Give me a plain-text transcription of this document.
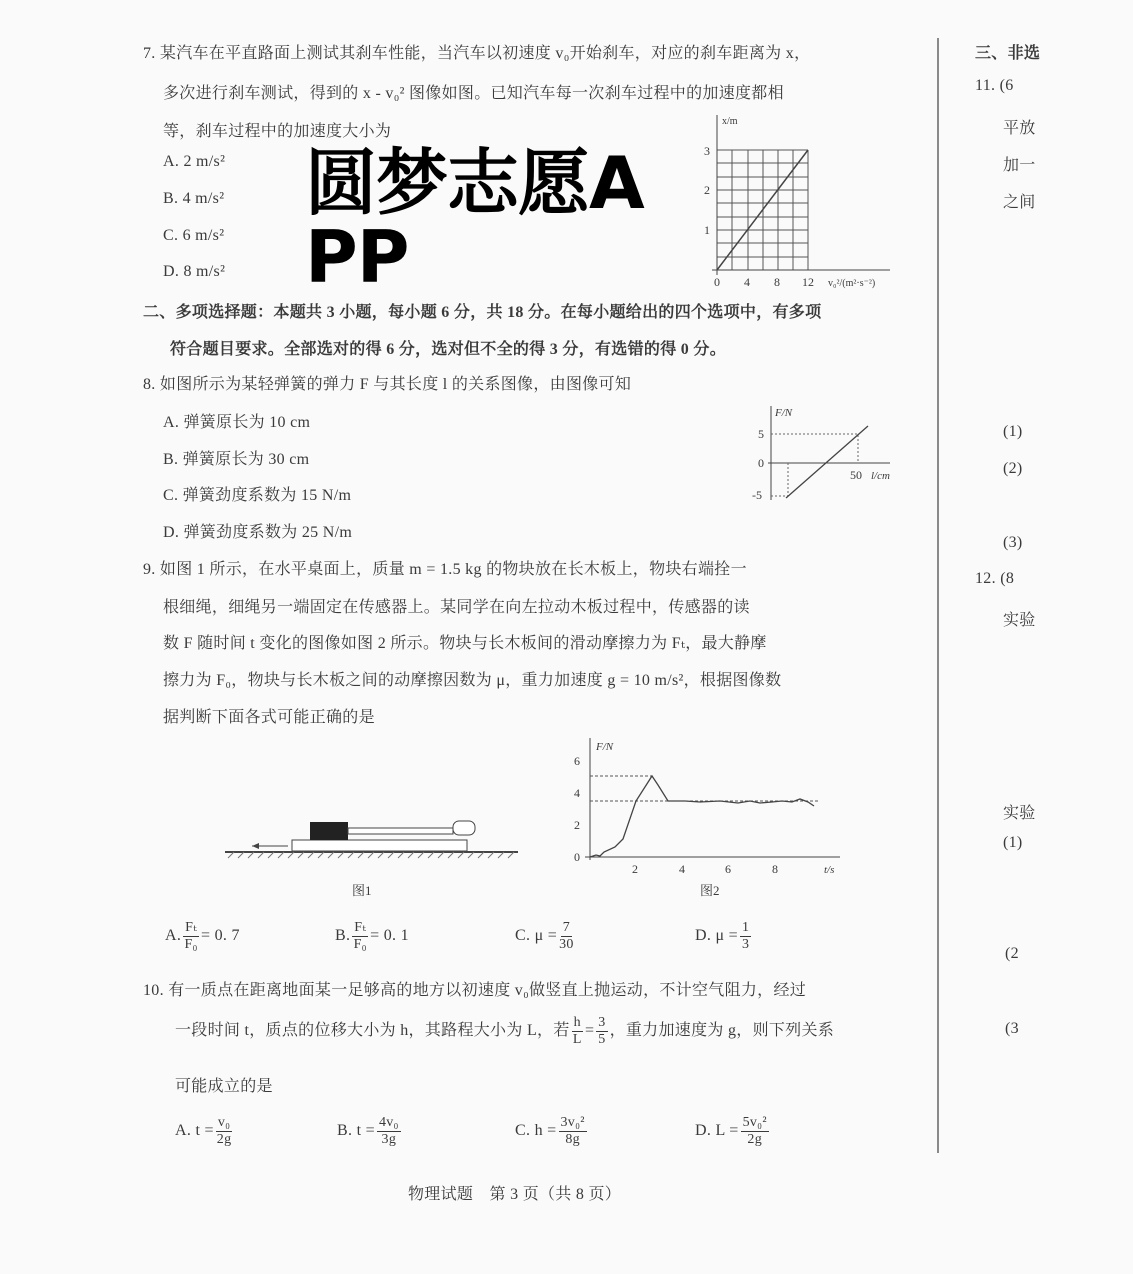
7. 某汽车在平直路面上测试其刹车性能，当汽车以初速度 v₀开始刹车，对应的刹车距离为 x，
多次进行刹车测试，得到的 x - v₀² 图像如图。已知汽车每一次刹车过程中的加速度都相
等，刹车过程中的加速度大小为
A. 2 m/s²
B. 4 m/s²
C. 6 m/s²
D. 8 m/s²
x/m
1
2
3
0 4 8 12 v₀²/(m²·s⁻²)
二、多项选择题：本题共 3 小题，每小题 6 分，共 18 分。在每小题给出的四个选项中，有多项
符合题目要求。全部选对的得 6 分，选对但不全的得 3 分，有选错的得 0 分。
8. 如图所示为某轻弹簧的弹力 F 与其长度 l 的关系图像，由图像可知
A. 弹簧原长为 10 cm
B. 弹簧原长为 30 cm
C. 弹簧劲度系数为 15 N/m
D. 弹簧劲度系数为 25 N/m
F/N
5
0
-5
50 l/cm
9. 如图 1 所示，在水平桌面上，质量 m = 1.5 kg 的物块放在长木板上，物块右端拴一
根细绳，细绳另一端固定在传感器上。某同学在向左拉动木板过程中，传感器的读
数 F 随时间 t 变化的图像如图 2 所示。物块与长木板间的滑动摩擦力为 Fₜ，最大静摩
擦力为 F₀，物块与长木板之间的动摩擦因数为 μ，重力加速度 g = 10 m/s²，根据图像数
据判断下面各式可能正确的是
图1
F/N
0
2
4
6
2	4	6	8	t/s
图2
A. $\frac{\text{Fₜ}}{\text{F₀}} = 0$. 7	B. $\frac{\text{Fₜ}}{\text{F₀}} = 0$. 1	C. $\mu = \frac{7}{30}$	D. $\mu = \frac{1}{3}$
10. 有一质点在距离地面某一足够高的地方以初速度 v₀做竖直上抛运动，不计空气阻力，经过
一段时间 t，质点的位移大小为 h，其路程大小为 L，若 $\frac{h}{L} = \frac{3}{5}$ ，重力加速度为 g，则下列关系
可能成立的是
A. $t = \frac{\text{v₀}}{2g}$	B. $t = \frac{\text{4v₀}}{3g}$	C. $h = \frac{\text{3v₀²}}{8g}$	D. $L = \frac{\text{5v₀²}}{2g}$
三、非选
11. (6
平放
加一
之间
(1)
(2)
(3)
12. (8
实验
实验
(1)
(2
(3
物理试题　第 3 页（共 8 页）
圆梦志愿APP
